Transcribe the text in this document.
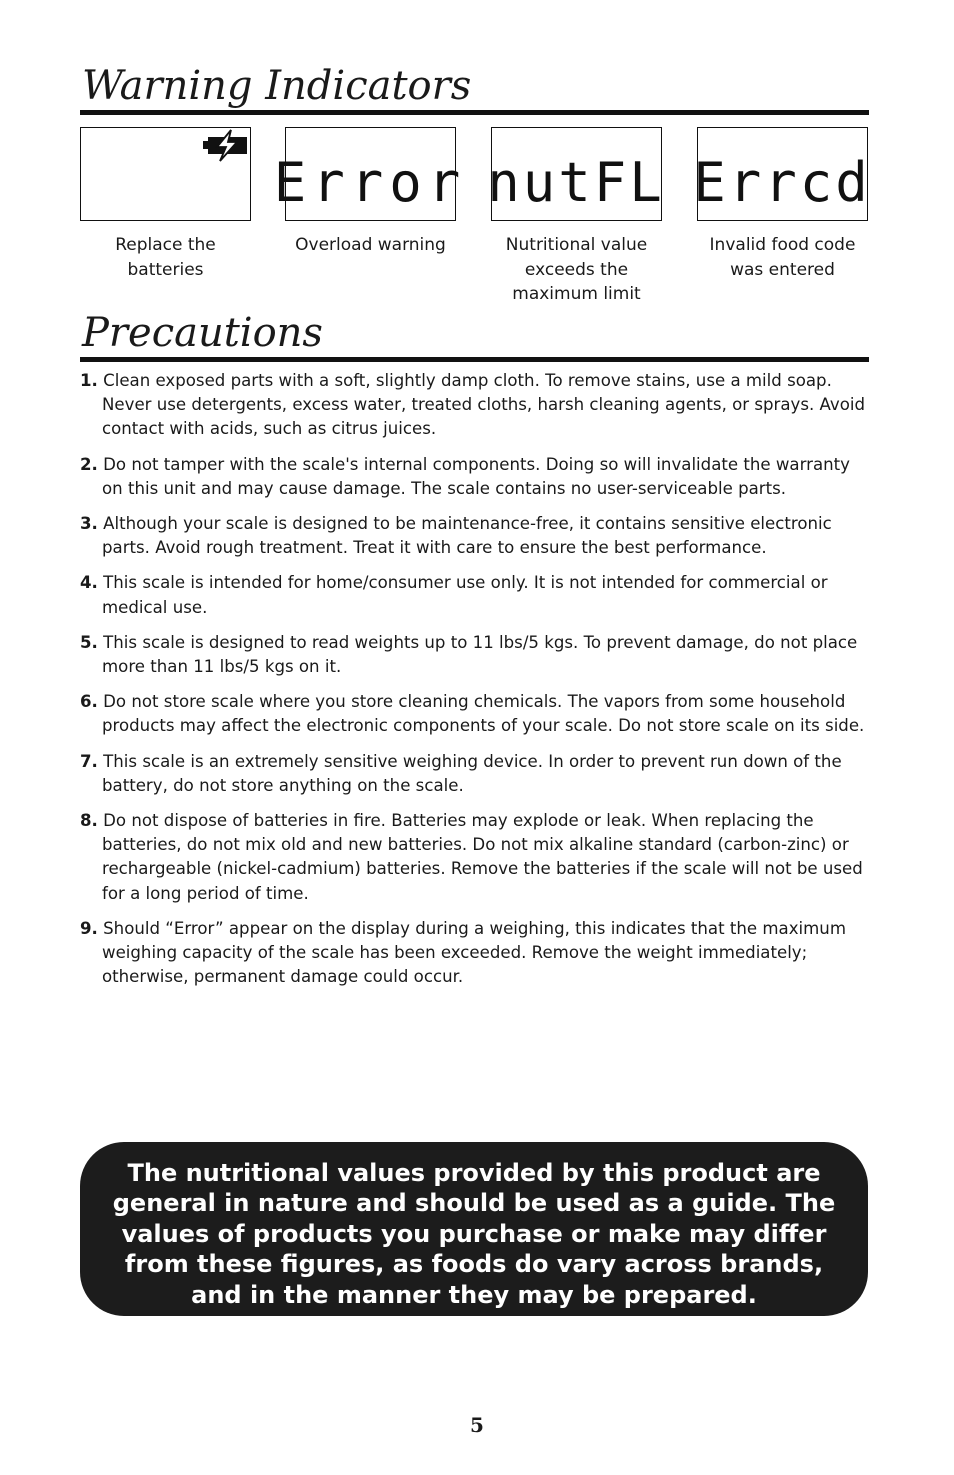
Warning Indicators
Replace the batteries
Error
Overload warning
nutFL
Nutritional value exceeds the maximum limit
Errcd
Invalid food code was entered
Precautions
1. Clean exposed parts with a soft, slightly damp cloth. To remove stains, use a mild soap. Never use detergents, excess water, treated cloths, harsh cleaning agents, or sprays. Avoid contact with acids, such as citrus juices.
2. Do not tamper with the scale's internal components. Doing so will invalidate the warranty on this unit and may cause damage. The scale contains no user-serviceable parts.
3. Although your scale is designed to be maintenance-free, it contains sensitive electronic parts. Avoid rough treatment. Treat it with care to ensure the best performance.
4. This scale is intended for home/consumer use only. It is not intended for commercial or medical use.
5. This scale is designed to read weights up to 11 lbs/5 kgs. To prevent damage, do not place more than 11 lbs/5 kgs on it.
6. Do not store scale where you store cleaning chemicals. The vapors from some household products may affect the electronic components of your scale. Do not store scale on its side.
7. This scale is an extremely sensitive weighing device. In order to prevent run down of the battery, do not store anything on the scale.
8. Do not dispose of batteries in fire. Batteries may explode or leak. When replacing the batteries, do not mix old and new batteries. Do not mix alkaline standard (carbon-zinc) or rechargeable (nickel-cadmium) batteries. Remove the batteries if the scale will not be used for a long period of time.
9. Should “Error” appear on the display during a weighing, this indicates that the maximum weighing capacity of the scale has been exceeded. Remove the weight immediately; otherwise, permanent damage could occur.

The nutritional values provided by this product are general in nature and should be used as a guide. The values of products you purchase or make may differ from these figures, as foods do vary across brands, and in the manner they may be prepared.

5
